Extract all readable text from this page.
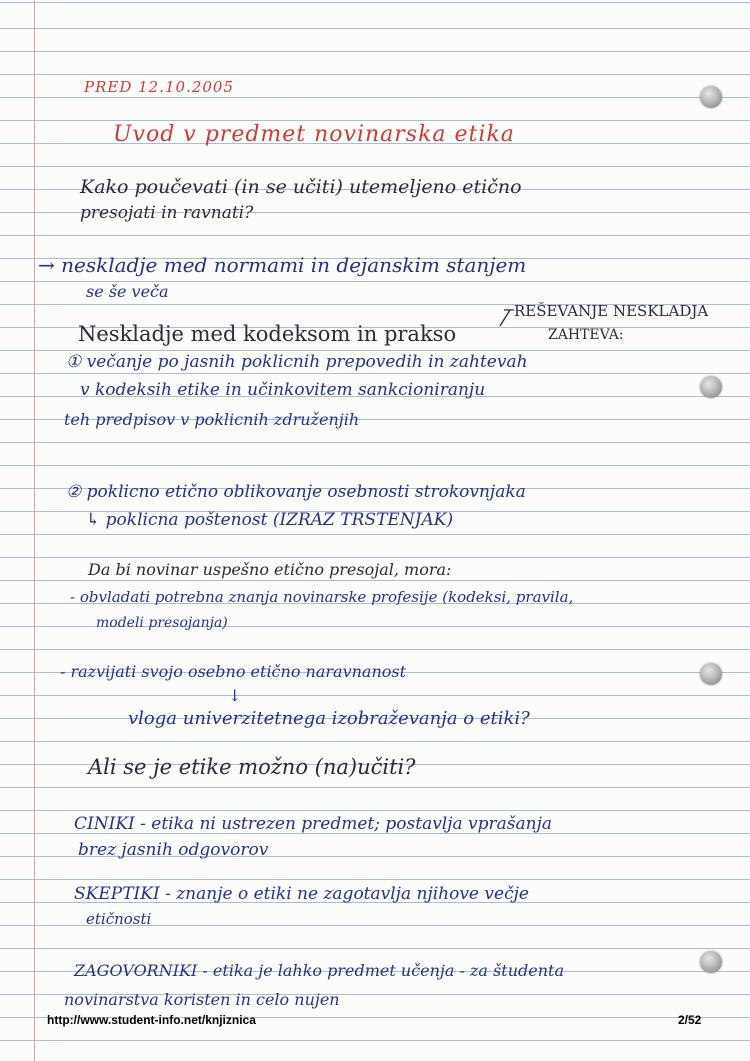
PRED 12.10.2005
Uvod v predmet novinarska etika
Kako poučevati (in se učiti) utemeljeno etično
presojati in ravnati?
→ neskladje med normami in dejanskim stanjem
se še veča
REŠEVANJE NESKLADJA
Neskladje med kodeksom in prakso	ZAHTEVA:
① večanje po jasnih poklicnih prepovedih in zahtevah
v kodeksih etike in učinkovitem sankcioniranju
teh predpisov v poklicnih združenjih
② poklicno etično oblikovanje osebnosti strokovnjaka
↳ poklicna poštenost (IZRAZ TRSTENJAK)
Da bi novinar uspešno etično presojal, mora:
- obvladati potrebna znanja novinarske profesije (kodeksi, pravila,
modeli presojanja)
- razvijati svojo osebno etično naravnanost
↓
vloga univerzitetnega izobraževanja o etiki?
Ali se je etike možno (na)učiti?
CINIKI - etika ni ustrezen predmet; postavlja vprašanja
brez jasnih odgovorov
SKEPTIKI - znanje o etiki ne zagotavlja njihove večje
etičnosti
ZAGOVORNIKI - etika je lahko predmet učenja - za študenta
novinarstva koristen in celo nujen
http://www.student-info.net/knjiznica	2/52
